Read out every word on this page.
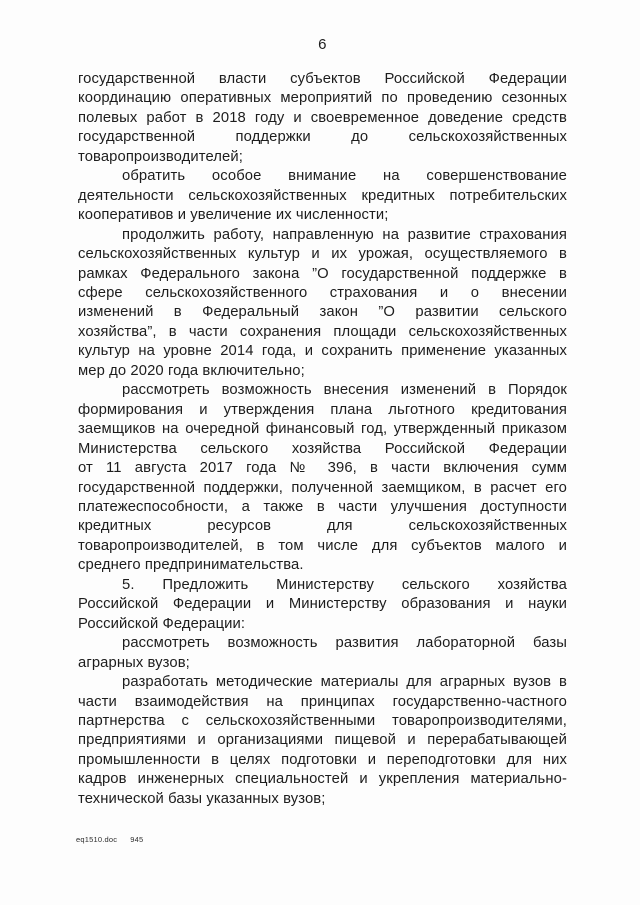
6
государственной власти субъектов Российской Федерации
координацию оперативных мероприятий по проведению сезонных
полевых работ в 2018 году и своевременное доведение средств
государственной поддержки до сельскохозяйственных
товаропроизводителей;
обратить особое внимание на совершенствование
деятельности сельскохозяйственных кредитных потребительских
кооперативов и увеличение их численности;
продолжить работу, направленную на развитие страхования
сельскохозяйственных культур и их урожая, осуществляемого в
рамках Федерального закона ”О государственной поддержке в
сфере сельскохозяйственного страхования и о внесении
изменений в Федеральный закон ”О развитии сельского
хозяйства”, в части сохранения площади сельскохозяйственных
культур на уровне 2014 года, и сохранить применение указанных
мер до 2020 года включительно;
рассмотреть возможность внесения изменений в Порядок
формирования и утверждения плана льготного кредитования
заемщиков на очередной финансовый год, утвержденный приказом
Министерства сельского хозяйства Российской Федерации
от 11 августа 2017 года № 396, в части включения сумм
государственной поддержки, полученной заемщиком, в расчет его
платежеспособности, а также в части улучшения доступности
кредитных ресурсов для сельскохозяйственных
товаропроизводителей, в том числе для субъектов малого и
среднего предпринимательства.
5. Предложить Министерству сельского хозяйства
Российской Федерации и Министерству образования и науки
Российской Федерации:
рассмотреть возможность развития лабораторной базы
аграрных вузов;
разработать методические материалы для аграрных вузов в
части взаимодействия на принципах государственно-частного
партнерства с сельскохозяйственными товаропроизводителями,
предприятиями и организациями пищевой и перерабатывающей
промышленности в целях подготовки и переподготовки для них
кадров инженерных специальностей и укрепления материально-
технической базы указанных вузов;
eq1510.doc 945
